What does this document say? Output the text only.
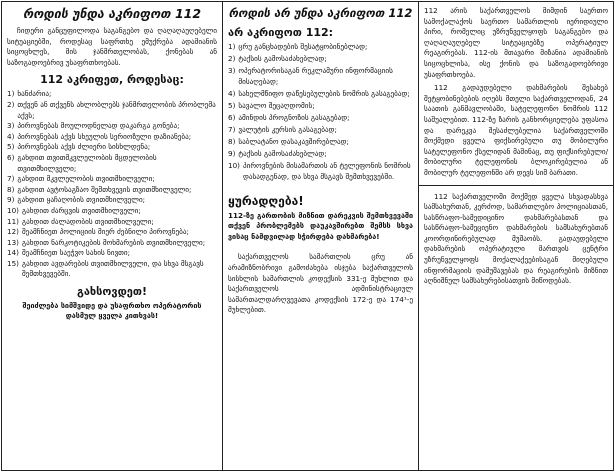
როდის უნდა აკრიფოთ 112
ჩიდერი განცუფილოდა საგანგებო და ღაღაღაუღებელი სიტუაციებში, როდესაც საფრთხე ემუქრება ადამიანის სიცოცხლეს, მის ჯანმრთელობას, ქონებას ან საზოგადოებრივ უსაფრთხოებას.
112 აკრიფეთ, როდესაც:
1) ხანძარია;
2) თქვენ ან თქვენს ახლობლებს ჯანმრთელობის პრობლემა აქვს;
3) პიროვნებას მოულოდნელად დაკარგა გონება;
4) პიროვნებას აქვს სხეულის სერიოზული დაზიანება;
5) პიროვნებას აქვს ძლიერი სისხლდენა;
6) გახდით თვითმკვლელობის მცდელობის თვითმხილველი;
7) გახდით მკვლელობის თვითმხილველი;
8) გახდით ავტოსაგზაო შემთხვევის თვითმხილველი;
9) გახდით ყაჩაღობის თვითმხილველი;
10) გახდით ძარცვის თვითმხილველი;
11) გახდით ძალადობის თვითმხილველი;
12) შეამჩნიეთ პოლიციის მიერ ძებნილი პიროვნება;
13) გახდით ნარკოტიკების მოხმარების თვითმხილველი;
14) შეამჩნიეთ საეჭვო სახის ნივთი;
15) გახდით ავდარების თვითმხილველი, და სხვა მსგავს შემთხვევებში.
გახსოვდეთ!
შეიძლება სიმშვიდე და უსაფრთხო ოპერატორის დასმულ ყველა კითხვას!
როდის არ უნდა აკრიფოთ 112
არ აკრიფოთ 112:
1) ცრუ განცხადების შესატყობინებლად;
2) ტაქსის გამოსაძახებლად;
3) ოპერატორისაგან რეკლამური ინფორმაციის მისაღებად;
4) სახელმწიფო დაწესებულების ნომრის გასაგებად;
5) სავალო შეცაღდომის;
6) ამინდის პროგნოზის გასაგებად;
7) ვალუტის კურსის გასაგებად;
8) საბლატანო დასაკავშირებლად;
9) ტაქსის გამოსაძახებლად;
10) პიროვნების მისამართის ან ტელეფონის ნომრის დასადგენად, და სხვა მსგავს შემთხვევებში.
ყურადღება!
112-ზე გართობის მიზნით დარეკვის შემთხვევაში თქვენ პრობლემებს დაუკავშირებთ შემსს სხვა ვისაც ნამდვილად სჭირდება დახმარება!
საქართველოს სამართლის ცრუ ან არამიზნობრივი გამოძახება ისჯება საქართველოს სისხლის სამართლის კოდექსის 331-ე მუხლით და საქართველოს ადმინისტრაციულ სამართალდარღვევათა კოდექსის 172-ე და 174¹-ე მუხლებით.
112 არის საქართველოს მიმდინ საერთო სამოქალაქოს საერთო სამართლის იერიდიული პირი, რომელიც უზრუნველყოფს საგანგებო და ღაღაღაუღებელ სიტუაციებზე ოპერატიულ რეაგირებას. 112-ის მთავარი მიზანია ადამიანის სიცოცხლისა, ისე ქონის და საზოგადოებრივი უსაფრთხოება.
112 გადაუდებელი დახმარების შესახებ შეტყობინებების იღებს მთელი საქართველოდან, 24 საათის განმავლობაში, სატელეფონო ნომრის 112 საშუალებით. 112-ზე ზარის განხორციელება უფასოა და დარეკვა შესაძლებელია საქართველოში მოქმედი ყველა ფიქსირებული თუ მობილური სატელეფონო ქსელიდან მაშინაც, თუ ფიქსირებული/მობილური ტელეფონის ბლოკირებულია ან მობილურ ტელეფონში არ დევს სიმ ბარათი.
112 საქართველოში მოქმედ ყველა სხვადასხვა სამსახურთან, კერძოდ, სამართლებო პოლიციასთან, სასწრაფო-სამედიცინო დახმარებასთან და სასწრაფო-სამეციენო დახმარების სამსახურებთან კოორდინირებულად მუშაობს. გადაუდებელი დახმარების ოპერატიული მართვის ცენტრი უზრუნველყოფს მოქალაქეებისაგან მიღებული ინფორმაციის დამუშავებას და რეაგირების მიზნით აღნიშნულ სამსახურებისათვის მიწოდებას.
